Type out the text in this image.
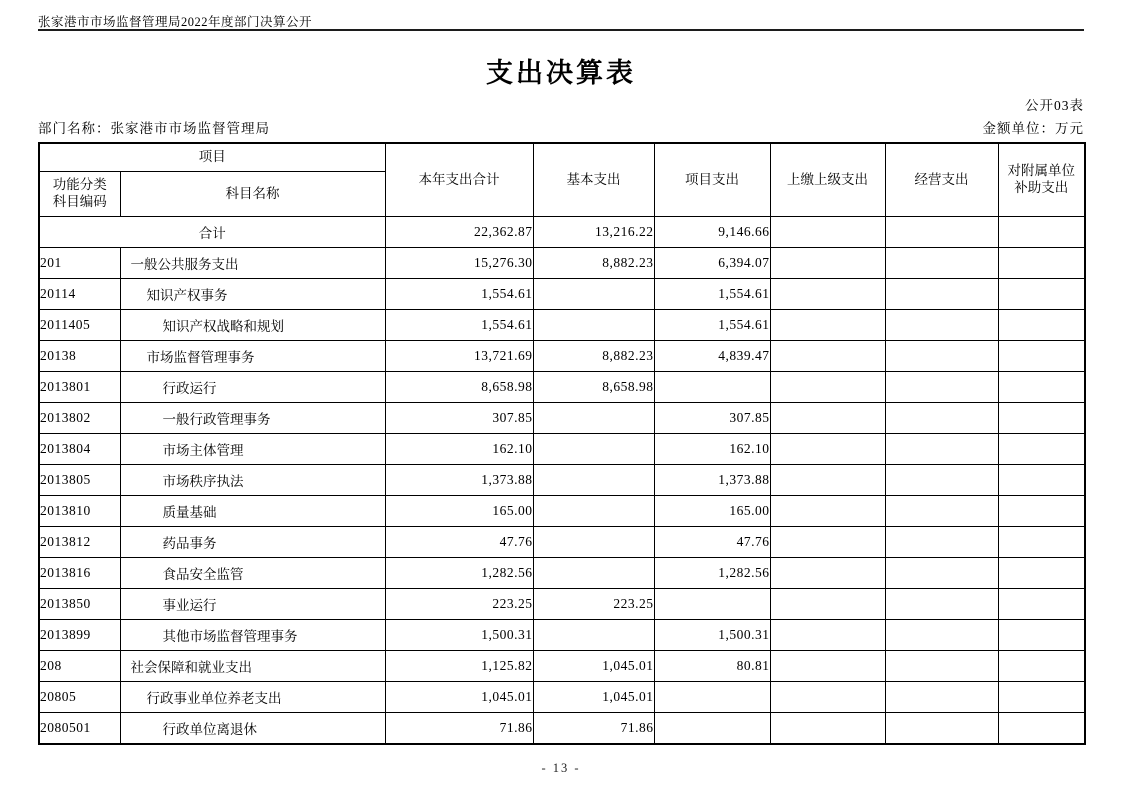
张家港市市场监督管理局2022年度部门决算公开
支出决算表
公开03表
部门名称：张家港市市场监督管理局	金额单位：万元
项目		本年支出合计	基本支出	项目支出	上缴上级支出	经营支出	对附属单位
补助支出

功能分类
科目编码	科目名称						
合计		22,362.87	13,216.22	9,146.66			
201	一般公共服务支出	15,276.30	8,882.23	6,394.07			
20114	知识产权事务	1,554.61		1,554.61			
2011405	知识产权战略和规划	1,554.61		1,554.61			
20138	市场监督管理事务	13,721.69	8,882.23	4,839.47			
2013801	行政运行	8,658.98	8,658.98				
2013802	一般行政管理事务	307.85		307.85			
2013804	市场主体管理	162.10		162.10			
2013805	市场秩序执法	1,373.88		1,373.88			
2013810	质量基础	165.00		165.00			
2013812	药品事务	47.76		47.76			
2013816	食品安全监管	1,282.56		1,282.56			
2013850	事业运行	223.25	223.25				
2013899	其他市场监督管理事务	1,500.31		1,500.31			
208	社会保障和就业支出	1,125.82	1,045.01	80.81			
20805	行政事业单位养老支出	1,045.01	1,045.01				
2080501	行政单位离退休	71.86	71.86				
- 13 -
